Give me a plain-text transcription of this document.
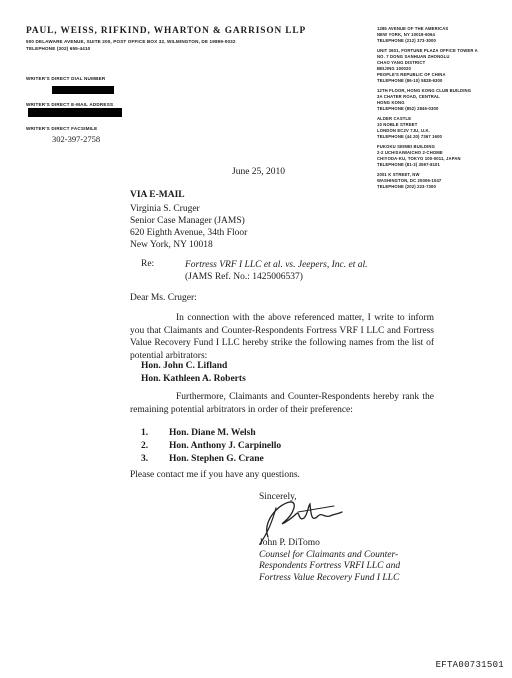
PAUL, WEISS, RIFKIND, WHARTON & GARRISON LLP
500 DELAWARE AVENUE, SUITE 200, POST OFFICE BOX 32, WILMINGTON, DE 19899-0032
TELEPHONE (302) 655-4410
WRITER'S DIRECT DIAL NUMBER
WRITER'S DIRECT E-MAIL ADDRESS
WRITER'S DIRECT FACSIMILE
302-397-2758
1285 AVENUE OF THE AMERICAS
NEW YORK, NY 10019-6064
TELEPHONE (212) 373-3000
UNIT 3601, FORTUNE PLAZA OFFICE TOWER A
NO. 7 DONG SANHUAN ZHONGLU
CHAO YANG DISTRICT
BEIJING 100020
PEOPLE'S REPUBLIC OF CHINA
TELEPHONE (86-10) 5828-6300
12TH FLOOR, HONG KONG CLUB BUILDING
3A CHATER ROAD, CENTRAL
HONG KONG
TELEPHONE (852) 2846-0300
ALDER CASTLE
10 NOBLE STREET
LONDON EC2V 7JU, U.K.
TELEPHONE (44 20) 7367 1600
FUKOKU SEIMEI BUILDING
2-2 UCHISAIWAICHO 2-CHOME
CHIYODA-KU, TOKYO 100-0011, JAPAN
TELEPHONE (81-3) 3597-8101
2001 K STREET, NW
WASHINGTON, DC 20006-1047
TELEPHONE (202) 223-7300
June 25, 2010
VIA E-MAIL
Virginia S. Cruger
Senior Case Manager (JAMS)
620 Eighth Avenue, 34th Floor
New York, NY 10018
Re:	Fortress VRF I LLC et al. vs. Jeepers, Inc. et al.
(JAMS Ref. No.: 1425006537)
Dear Ms. Cruger:
In connection with the above referenced matter, I write to inform you that Claimants and Counter-Respondents Fortress VRF I LLC and Fortress Value Recovery Fund I LLC hereby strike the following names from the list of potential arbitrators:
Hon. John C. Lifland
Hon. Kathleen A. Roberts
Furthermore, Claimants and Counter-Respondents hereby rank the remaining potential arbitrators in order of their preference:
1.	Hon. Diane M. Welsh
2.	Hon. Anthony J. Carpinello
3.	Hon. Stephen G. Crane
Please contact me if you have any questions.
Sincerely,
John P. DiTomo
Counsel for Claimants and Counter-
Respondents Fortress VRFI LLC and
Fortress Value Recovery Fund I LLC
EFTA00731501
